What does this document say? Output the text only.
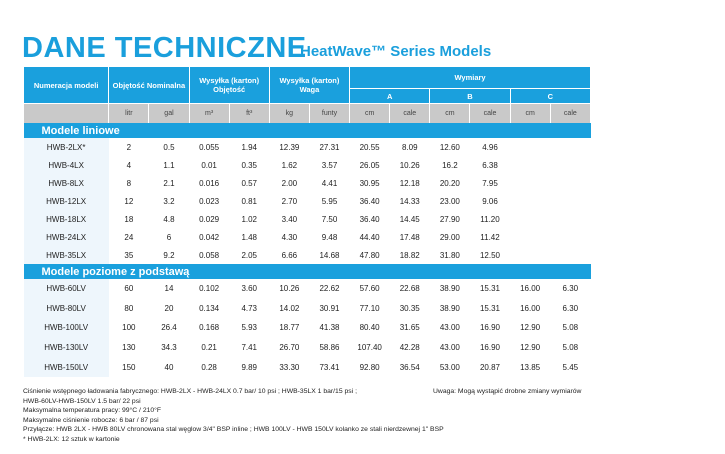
DANE TECHNICZNE
HeatWave™ Series Models
Numeracja modeli	Objętość Nominalna		Wysyłka (karton) Objętość		Wysyłka (karton) Waga		Wymiary					
							A		B		C	
	litr	gal	m³	ft³	kg	funty	cm	cale	cm	cale	cm	cale
Modele liniowe												
HWB-2LX*	2	0.5	0.055	1.94	12.39	27.31	20.55	8.09	12.60	4.96		
HWB-4LX	4	1.1	0.01	0.35	1.62	3.57	26.05	10.26	16.2	6.38		
HWB-8LX	8	2.1	0.016	0.57	2.00	4.41	30.95	12.18	20.20	7.95		
HWB-12LX	12	3.2	0.023	0.81	2.70	5.95	36.40	14.33	23.00	9.06		
HWB-18LX	18	4.8	0.029	1.02	3.40	7.50	36.40	14.45	27.90	11.20		
HWB-24LX	24	6	0.042	1.48	4.30	9.48	44.40	17.48	29.00	11.42		
HWB-35LX	35	9.2	0.058	2.05	6.66	14.68	47.80	18.82	31.80	12.50		
Modele poziome z podstawą												
HWB-60LV	60	14	0.102	3.60	10.26	22.62	57.60	22.68	38.90	15.31	16.00	6.30
HWB-80LV	80	20	0.134	4.73	14.02	30.91	77.10	30.35	38.90	15.31	16.00	6.30
HWB-100LV	100	26.4	0.168	5.93	18.77	41.38	80.40	31.65	43.00	16.90	12.90	5.08
HWB-130LV	130	34.3	0.21	7.41	26.70	58.86	107.40	42.28	43.00	16.90	12.90	5.08
HWB-150LV	150	40	0.28	9.89	33.30	73.41	92.80	36.54	53.00	20.87	13.85	5.45
Ciśnienie wstępnego ładowania fabrycznego: HWB-2LX - HWB-24LX 0.7 bar/ 10 psi ; HWB-35LX 1 bar/15 psi ;
HWB-60LV-HWB-150LV 1.5 bar/ 22 psi
Maksymalna temperatura pracy: 99°C / 210°F
Maksymalne ciśnienie robocze: 6 bar / 87 psi
Przyłącze: HWB 2LX - HWB 80LV chronowana stal węglow 3/4" BSP inline ; HWB 100LV - HWB 150LV kolanko ze stali nierdzewnej 1" BSP
* HWB-2LX: 12 sztuk w kartonie
Uwaga: Mogą wystąpić drobne zmiany wymiarów
